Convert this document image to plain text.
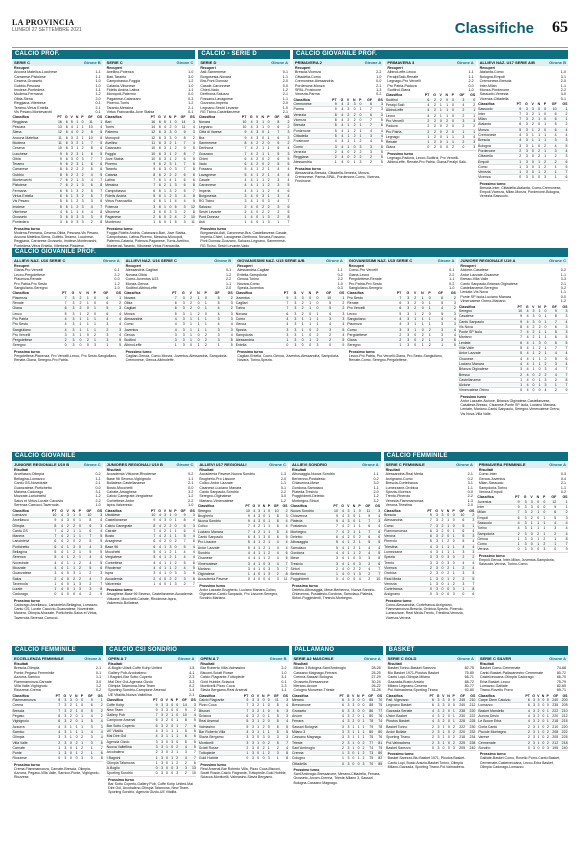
LA PROVINCIA
LUNEDÌ 27 SETTEMBRE 2021	Classifiche 65
CALCIO PROF.
SERIE C	Girone B
Recuperi
Ancona Matelica-Lucchese	1-1
Carrarese-Pistoiese	1-1
Cesena-Grosseto	1-0
Gubbio-Pescara	1-0
Imolese-Pontedera	1-1
Modena-Fermana	1-2
Olbia-Siena	2-0
Reggiana-Viterbese	0-1
Teramo-Virtus Entella	2-1
Vis Pesaro-Montevarchi	0-1
Classifica	PT	G	V	N	P	GF	GS
Reggiana	16	6	5	1	0	11	1
Pescara	13	6	4	1	1	10	4
Siena	12	6	4	0	2	8	5
Ancona Matelica	11	6	3	2	1	10	6
Modena	11	6	3	2	1	7	5
Cesena	10	6	3	1	2	8	6
Lucchese	9	6	2	3	1	6	5
Olbia	9	6	3	0	3	7	7
Teramo	9	6	2	3	1	6	6
Carrarese	8	6	2	2	2	5	6
Gubbio	8	6	2	2	2	4	5
Montevarchi	7	6	2	1	3	4	7
Pistoiese	7	6	2	1	3	6	8
Fermana	6	6	1	3	2	5	7
Virtus Entella	6	6	1	3	2	5	7
Vis Pesaro	5	6	1	2	3	3	6
Imolese	5	6	1	2	3	4	7
Viterbese	4	6	1	1	4	4	8
Grosseto	3	6	0	3	3	3	9
Pontedera	3	6	0	3	3	2	8
Prossimo turno
Modena-Fermana, Cesena-Olbia, Pescara-Vis Pesaro, Ancona Matelica-Siena, Gubbio-Teramo, Lucchese-Reggiana, Carrarese-Grosseto, Imolese-Montevarchi, Pontedera-Virtus Entella, Viterbese-Pistoiese.
SERIE C	Girone C
Recuperi
Avellino-Potenza	1-0
Bari-Taranto	3-0
Campobasso-Foggia	1-2
Catania-Vibonese	1-0
Fidelis Andria-Latina	1-1
Monopoli-Palermo	0-0
Paganese-Catanzaro	0-3
Picerno-Turris	1-2
Taranto-Messina	2-1
Virtus Francavilla-Juve Stabia	0-1
Classifica	PT	G	V	N	P	GF	GS
Bari	16	6	5	1	0	14	3
Turris	14	6	4	2	0	11	4
Palermo	12	6	3	3	0	9	3
Monopoli	12	6	3	3	0	8	2
Avellino	11	6	3	2	1	7	4
Catanzaro	10	6	3	1	2	9	5
Foggia	10	6	3	1	2	8	7
Juve Stabia	10	6	3	1	2	6	5
Picerno	9	6	2	3	1	7	6
Taranto	9	6	3	0	3	7	8
Catania	8	6	2	2	2	6	6
Latina	7	6	1	4	1	6	6
Messina	7	6	2	1	3	6	8
Campobasso	6	6	1	3	2	5	7
Fidelis Andria	5	6	1	2	3	4	8
Virtus Francavilla	4	6	1	1	4	4	9
Potenza	3	6	1	0	5	3	12
Vibonese	3	6	0	3	3	2	8
Paganese	2	6	0	2	4	2	10
Monterosi	1	6	0	1	5	3	11
Prossimo turno
Foggia-Fidelis Andria, Catanzaro-Bari, Juve Stabia-Campobasso, Latina-Picerno, Messina-Monopoli, Palermo-Catania, Potenza-Paganese, Turris-Avellino, Monterosi-Taranto, Vibonese-Virtus Francavilla.
CALCIO - SERIE D
SERIE D	Girone A
Recuperi
Asti-Sanremese	0-1
Borgosesia-Novara	1-1
Bra-Pont Donnaz	2-0
Casale-Caronnese	0-0
Chieri-Vado	1-2
Derthona-Saluzzo	2-1
Fossano-Lavagnese	1-1
Gozzano-Imperia	2-0
Legnano-Sestri Levante	1-0
RG Ticino-Castellanzese	2-1
Classifica	PT	G	V	N	P	GF	GS
Novara	10	4	3	1	0	8	2
Legnano	10	4	3	1	0	6	2
Città di Varese	9	4	3	0	1	7	3
Bra	9	4	3	0	1	6	3
Sanremese	8	4	2	2	0	5	2
Derthona	7	4	2	1	1	6	4
Gozzano	7	4	2	1	1	5	3
Chieri	6	4	2	0	2	6	5
Vado	6	4	2	0	2	5	5
Fossano	5	4	1	2	1	4	4
Lavagnese	5	4	1	2	1	4	4
Casale	4	4	1	1	2	3	4
Caronnese	4	4	1	1	2	3	5
Imperia	4	4	1	1	2	4	6
Borgosesia	3	4	0	3	1	3	4
RG Ticino	3	4	1	0	3	4	7
Saluzzo	2	4	0	2	2	3	6
Sestri Levante	2	4	0	2	2	2	5
Pont Donnaz	1	4	0	1	3	2	8
Asti	1	4	0	1	3	1	7
Prossimo turno
Borgosesia-Asti, Caronnese-Bra, Castellanzese-Casale, Imperia-Chieri, Lavagnese-Derthona, Novara-Fossano, Pont Donnaz-Gozzano, Saluzzo-Legnano, Sanremese-RG Ticino, Sestri Levante-Vado.
CALCIO GIOVANILE PROF.
PRIMAVERA 2	Girone A
Recuperi
Brescia-Vicenza	2-2
Cittadella-Como	1-0
Cremonese-Alessandria	0-0
Pordenone-Monza	2-1
SPAL-Frosinone	1-3
Venezia-Parma	0-2
Classifica	PT	G	V	N	P	GF	GS
Cremonese	9	4	2	3	0	6	3
Parma	9	4	3	0	1	7	3
Venezia	8	4	2	2	0	6	3
Vicenza	8	4	2	2	0	7	5
Brescia	5	4	1	2	1	7	6
Pordenone	5	4	1	2	1	4	4
Cittadella	5	4	1	2	1	3	4
Frosinone	4	4	1	1	2	4	5
Como	3	4	1	0	3	3	6
Venezia	2	4	0	2	2	3	5
Reggiana	2	4	0	2	2	2	5
Alessandria	1	4	0	1	3	2	5
Prossimo turno
Alessandria-Brescia, Cittadella-Venezia, Monza-Cremonese, Parma-SPAL, Pordenone-Como, Vicenza-Frosinone.
PRIMAVERA 3	Girone A
Recuperi
AlbinoLeffe-Lecco	1-1
FeralpiSalò-Renate	1-1
Legnago-Pro Vercelli	2-2
Pro Patria-Padova	0-0
Sudtirol-Giana	1-0
Classifica	PT	G	V	N	P	GF	GS
Sudtirol	6	2	2	0	0	3	0
Feralpi Salò	4	2	1	1	0	4	2
AlbinoLeffe	4	2	1	1	0	2	1
Lecco	4	2	1	1	0	2	1
Pro Vercelli	2	2	0	2	0	3	3
Padova	2	2	0	2	0	2	2
Pro Patria	2	2	0	2	0	1	1
Legnago	1	2	0	1	1	3	4
Renate	1	2	0	1	1	2	3
Giana	0	2	0	0	2	0	3
Prossimo turno
Legnago-Padova, Lecco-Sudtirol, Pro Vercelli-AlbinoLeffe, Renate-Pro Patria, Giana-Feralpi Salò.
ALLIEVI NAZ. U17 SERIE A/B	Girone B
Recuperi
Atalanta-Como	1-0
Bologna-Empoli	3-1
Cremonese-Brescia	2-0
Inter-Milan	1-1
Monza-Pordenone	2-2
Sassuolo-Venezia	4-0
Vicenza-Cittadella	0-1
Classifica	PT	G	V	N	P	GF	GS
Sassuolo	9	3	3	0	0	10	1
Inter	7	3	2	1	0	6	2
Milan	7	3	2	1	0	5	1
Atalanta	6	3	2	0	1	5	2
Monza	5	3	1	2	0	6	4
Cremonese	4	3	1	1	1	4	4
Brescia	4	3	1	1	1	3	3
Bologna	3	3	1	0	2	4	5
Pordenone	2	3	0	2	1	3	4
Cittadella	2	3	0	2	1	2	3
Empoli	1	3	0	1	2	2	6
Como	1	3	0	1	2	1	5
Venezia	1	3	0	1	2	1	7
Vicenza	0	3	0	0	3	1	6
Prossimo turno
Brescia-Inter, Cittadella-Atalanta, Como-Cremonese, Empoli-Vicenza, Milan-Monza, Pordenone-Bologna, Venezia-Sassuolo.
CALCIO GIOVANILE PROF.
ALLIEVI NAZ. U16 SERIE C	Girone A
Recuperi
Giana-Pro Vercelli	0-1
Lecco-Pergolettese	2-2
Piacenza-Renate	0-0
Pro Patria-Pro Sesto	1-2
Sangiuliano-Seregno	1-0
Classifica	PT	G	V	N	P	GF	GS
Piacenza	7	3	2	1	0	6	1
Renate	7	3	2	1	0	6	2
Giana	6	3	2	0	1	5	3
Lecco	5	3	1	2	0	6	4
Pro Patria	4	3	1	1	1	4	4
Pro Sesto	4	3	1	1	1	3	4
Sangiuliano	4	3	1	1	1	2	3
Pro Vercelli	3	3	1	0	2	3	4
Pergolettese	2	3	0	2	1	3	5
Seregno	0	3	0	0	3	1	5
Prossimo turno
Pergolettese-Piacenza, Pro Vercelli-Lecco, Pro Sesto-Sangiuliano, Renate-Giana, Seregno-Pro Patria.
ALLIEVI NAZ. U16 SERIE C	Girone B
Recuperi
Alessandria-Cagliari	0-1
Novara-Olbia	1-2
Como-Juventus U23	2-2
Monza-Genoa	1-1
Sudtirol-AlbinoLeffe	2-0
Classifica	PT	G	V	N	P	GF	GS
Novara	7	3	2	1	0	5	2
Olbia	6	3	2	0	1	5	3
Cagliari	6	3	2	0	1	4	2
Monza	5	3	1	2	0	4	3
Alessandria	4	3	1	1	1	3	3
Como	4	3	1	1	1	4	4
Juventus	4	3	1	1	1	3	3
Genoa	3	3	1	0	2	3	4
Sudtirol	3	3	1	0	2	3	5
AlbinoLeffe	1	3	0	1	2	1	5
Prossimo turno
Cagliari-Genoa, Como-Monza, Juventus-Alessandria, Sampdoria-Cremonese, Genoa-Albinoleffe.
GIOVANISSIMI NAZ. U15 SERIE A/B	Girone A
Recuperi
Alessandria-Cagliari	1-1
Entella-Sampdoria	0-2
Genoa-Torino	2-2
Novara-Como	1-0
Spezia-Juventus	0-3
Classifica	PT	G	V	N	P	GF	GS
Juventus	9	3	3	0	0	10	1
Cagliari	7	3	2	1	0	5	2
Torino	7	3	2	1	0	5	2
Novara	6	3	2	0	1	4	3
Como	4	3	1	1	1	3	3
Genoa	4	3	1	1	1	4	4
Spezia	3	3	1	0	2	3	5
Sampdoria	3	3	1	0	2	2	4
Alessandria	1	3	0	1	2	2	5
Entella	0	3	0	0	3	0	9
Prossimo turno
Cagliari-Entella, Como-Genoa, Juventus-Alessandria, Sampdoria-Novara, Torino-Spezia.
GIOVANISSIMI NAZ. U15 SERIE C	Girone A
Recuperi
Como-Pro Vercelli	0-1
Giana-Lecco	2-2
Pergolettese-Renate	1-1
Pro Patria-Pro Sesto	0-2
Sangiuliano-Seregno	1-0
Classifica	PT	G	V	N	P	GF	GS
Pro Sesto	7	3	2	1	0	6	2
Renate	6	3	2	0	1	5	3
Pro Vercelli	6	3	2	0	1	4	2
Lecco	5	3	1	2	0	5	3
Sangiuliano	4	3	1	1	1	4	4
Piacenza	4	3	1	1	1	3	3
Como	3	3	1	0	2	3	4
Pergolettese	2	3	0	2	1	3	4
Giana	2	3	0	2	1	3	5
Seregno	1	3	0	1	2	1	5
Prossimo turno
Lecco-Pro Patria, Pro Vercelli-Giana, Pro Sesto-Sangiuliano, Renate-Como, Seregno-Pergolettese.
JUNIORE REGIONALE U19 A	Girone C
Recuperi
Alcione-Casatese	0-2
Ardor Lazzate-Cisanese	1-1
Bresso-Villa Valle	3-3
Cantù Sanpaolo-Brianza Olginatese	2-1
Castellanzese-Seregno	0-2
Lentate-Vis Nova	1-1
Ponte SP Isola-Luciano Manara	0-0
Vimercatese Oreno-Mariano	1-2
Classifica	PT	G	V	N	P	GF	GS
Seregno	10	4	3	1	0	9	3
Casatese	9	4	3	0	1	8	3
Cantù Sanpaolo	9	4	3	0	1	7	4
Vis Nova	8	4	2	2	0	6	3
Ponte SP Isola	7	4	2	1	1	5	3
Mariano	7	4	2	1	1	6	5
Lentate	6	4	1	3	0	6	5
Villa Valle	5	4	1	2	1	7	7
Ardor Lazzate	5	4	1	2	1	4	4
Cisanese	4	4	1	1	2	5	6
Luciano Manara	4	4	1	1	2	3	4
Brianza Olginatese	3	4	1	0	3	4	7
Bresso	2	4	0	2	2	4	7
Castellanzese	1	4	0	1	3	2	8
Alcione	1	4	0	1	3	1	7
Vimercatese Oreno	0	4	0	0	4	2	9
Prossimo turno
Ardor Lazzate-Alcione, Brianza Olginatese-Castellanzese, Casatese-Bresso, Cisanese-Ponte SP Isola, Luciano Manara-Lentate, Mariano-Cantù Sanpaolo, Seregno-Vimercatese Oreno, Vis Nova-Villa Valle.
CALCIO GIOVANILE
JUNIORE REGIONALE U19 B	Girone C
Risultati
Arcellasco-Olimpia	0-2
Bellagina-Lomazzo	1-1
Cantù GS-Novedrate	2-1
Guanzatese-Portichetto	0-0
Manera-Cadorago	3-1
Mozzate-Lariointelvi	1-2
Salus et Virtus-Lurate Caccivio	2-2
Serenza Carrocci-Tavernola	1-0
Classifica	PT	G	V	N	P	GF	GS
Lomazzo	10	4	3	1	0	10	3
Arcellasco	9	4	3	0	1	8	4
Olimpia	8	4	2	2	0	6	3
Cantù GS	7	4	2	1	1	6	4
Manera	7	4	2	1	1	7	5
Lariointelvi	6	4	2	0	2	5	5
Portichetto	6	4	1	3	0	4	3
Bellagina	5	4	1	2	1	5	5
Serenza	5	4	1	2	1	4	4
Novedrate	4	4	1	1	2	4	5
Mozzate	4	4	1	1	2	5	6
Guanzatese	3	4	0	3	1	2	3
Salus	2	4	0	2	2	4	7
Tavernola	1	4	0	1	3	2	7
Lurate	1	4	0	1	3	3	8
Cadorago	0	4	0	0	4	2	9
Prossimo turno
Cadorago-Arcellasco, Lariointelvi-Bellagina, Lomazzo-Cantù GS, Lurate Caccivio-Guanzatese, Novedrate-Manera, Olimpia-Mozzate, Portichetto-Salus et Virtus, Tavernola-Serenza Carrocci.
JUNIORES REGIONALI U19 B	Girone C
Risultati
Accademia Vittuone-Rhodense	0-2
Base 96 Seveso-Vighignolo	1-1
Bollatese-Castellanzese	2-1
Bosto-Mocchetti	0-0
Cairate-Arsaghese	3-2
Calcio Canegrate-Vergiatese	1-2
Corbettese-Ardor	2-2
Ispra-Valceresio	1-0
Classifica	PT	G	V	N	P	GF	GS
Uboldese	10	4	3	1	0	9	3
Castellanzese	9	4	3	0	1	8	4
Calcio Canegrate	8	4	2	2	0	6	3
Cairate	7	4	2	1	1	6	4
Bosto	7	4	2	1	1	5	4
Arsaghese	6	4	2	0	2	7	6
Base 96	6	4	1	3	0	5	4
Mocchetti	5	4	1	2	1	4	4
Vergiatese	5	4	1	2	1	4	4
Corbettese	4	4	1	1	2	5	6
Rhodense	4	4	1	1	2	4	5
Ispra	3	4	1	0	3	3	6
Accademia	2	4	0	2	2	3	6
Valceresio	1	4	0	1	3	2	7
Prossimo turno
Arsaghese-Base 96 Seveso, Castellanzese-Accademia Vittuone, Mocchetti-Cairate, Rhodense-Ispra, Valceresio-Bollatese.
ALLIEVI U17 REGIONALI	Girone C
Risultati
Accademia Pavese-Nuova Sondrio	1-3
Brugherio-Pro Lissone	2-0
Colico-Ardor Lazzate	1-1
Cisanese-Luciano Manara	0-1
Cantù Sanpaolo-Sondrio	2-2
Seregno-Olginatese	3-0
Mariano-Vimercatese	1-2
Classifica	PT	G	V	N	P	GF	GS
Seregno	10	4	3	1	0	10	2
Brugherio	9	4	3	0	1	8	3
Nuova Sondrio	9	4	3	0	1	8	4
Colico	7	4	2	1	1	6	4
Luciano Manara	7	4	2	1	1	5	4
Cantù Sanpaolo	6	4	1	3	0	6	5
Pro Lissone	5	4	1	2	1	4	4
Ardor Lazzate	5	4	1	2	1	4	4
Sondrio	4	4	1	1	2	4	6
Cisanese	4	4	1	1	2	4	5
Vimercatese	3	4	1	0	3	4	7
Mariano	3	4	1	0	3	3	7
Olginatese	1	4	0	1	3	2	8
Accademia Pavese	0	4	0	0	4	3	11
Prossimo turno
Ardor Lazzate-Brugherio, Luciano Manara-Colico, Olginatese-Cantù Sanpaolo, Pro Lissone-Seregno, Sondrio-Mariano.
ALLIEVI SONDRIO	Girone A
Risultati
Albosaggia-Nuova Sondrio	1-1
Berbenno-Postalesio	0-2
Chiavenna-Mese	3-0
Gordona-Samolaco	1-1
Piateda-Tresivio	2-0
Poggiridenti-Delebio	1-2
Morbegno-Sirtori	3-2
Classifica	PT	G	V	N	P	GF	GS
Nuova Sondrio	10	4	3	1	0	11	3
Chiavenna	9	4	3	0	1	9	4
Piateda	9	4	3	0	1	7	3
Postalesio	7	4	2	1	1	6	4
Morbegno	7	4	2	1	1	7	6
Delebio	6	4	2	0	2	6	6
Albosaggia	5	4	1	2	1	5	5
Samolaco	5	4	1	2	1	4	4
Gordona	4	4	1	1	2	4	5
Mese	3	4	1	0	3	3	8
Tresivio	3	4	1	0	3	2	6
Sirtori	2	4	0	2	2	4	7
Berbenno	1	4	0	1	3	2	7
Poggiridenti	0	4	0	0	4	2	10
Prossimo turno
Delebio-Albosaggia, Mese-Berbenno, Nuova Sondrio-Chiavenna, Postalesio-Gordona, Samolaco-Piateda, Sirtori-Poggiridenti, Tresivio-Morbegno.
CALCIO FEMMINILE
SERIE C FEMMINILE	Girone A
Risultati
Alessandria-Real Meda	2-1
Arzignano-Como	0-2
Brescia-Cortefranca	3-1
Lumezzane-Orobica	1-1
Spezia-Vicenza	0-0
Trento-Pinerolo	2-2
Venezia-Fiammamonza	1-3
Verona-Triestina	2-0
Classifica	PT	G	V	N	P	GF	GS
Brescia	9	3	3	0	0	10	2
Alessandria	7	3	2	1	0	6	3
Como	7	3	2	1	0	5	1
Fiammamonza	6	3	2	0	1	6	4
Verona	6	3	2	0	1	5	3
Pinerolo	5	3	1	2	0	5	4
Triestina	4	3	1	1	1	4	4
Lumezzane	4	3	1	1	1	3	3
Spezia	3	3	0	3	0	2	2
Trento	3	3	0	3	0	4	4
Vicenza	2	3	0	2	1	2	4
Orobica	2	3	0	2	1	3	5
Real Meda	1	3	0	1	2	2	5
Venezia	1	3	0	1	2	3	7
Cortefranca	0	3	0	0	3	1	8
Arzignano	0	3	0	0	3	0	6
Prossimo turno
Como-Alessandria, Cortefranca-Arzignano, Fiammamonza-Brescia, Orobica-Spezia, Pinerolo-Lumezzane, Real Meda-Trento, Triestina-Venezia, Vicenza-Verona.
PRIMAVERA FEMMINILE	Girone A
Risultati
Como-Inter	0-3
Genoa-Juventus	0-4
Milan-Sassuolo	2-1
Sampdoria-Torino	1-1
Verona-Empoli	0-2
Classifica	PT	G	V	N	P	GF	GS
Juventus	9	3	3	0	0	12	1
Inter	9	3	3	0	0	9	1
Milan	7	3	2	1	0	6	2
Empoli	6	3	2	0	1	5	3
Sassuolo	4	3	1	1	1	4	4
Torino	4	3	1	1	1	3	4
Sampdoria	2	3	0	2	1	2	4
Genoa	1	3	0	1	2	1	8
Como	1	3	0	1	2	1	7
Verona	0	3	0	0	3	0	9
Prossimo turno
Empoli-Genoa, Inter-Milan, Juventus-Sampdoria, Sassuolo-Verona, Torino-Como.
CALCIO FEMMINILE
ECCELLENZA FEMMINILE	Girone A
Risultati
Brescia-Olimpia	2-1
Ponte-Pegaso Femminile	0-1
Azzurra-Sarnico	1-1
Fiammamonza-Carnate	3-0
Villa Valle-Vighignolo	1-2
Riozzese-Crema	0-2
Classifica	PT	G	V	N	P	GF	GS
Fiammamonza	9	3	3	0	0	9	1
Crema	7	3	2	1	0	6	2
Brescia	7	3	2	1	0	5	2
Pegaso	6	3	2	0	1	4	2
Vighignolo	6	3	2	0	1	5	4
Azzurra	4	3	1	1	1	3	3
Sarnico	4	3	1	1	1	4	4
Olimpia	3	3	1	0	2	3	4
Villa Valle	2	3	0	2	1	3	5
Carnate	1	3	0	1	2	1	7
Ponte	1	3	0	1	2	1	6
Riozzese	0	3	0	0	3	0	8
Prossimo turno
Crema-Fiammamonza, Carnate-Brescia, Olimpia-Azzurra, Pegaso-Villa Valle, Sarnico-Ponte, Vighignolo-Riozzese.
CALCIO CSI SONDRIO
OPEN A 7	Girone A
Risultati
A.Boglio Ulisdi-Coffe Kohp United	1-5
Gallery Pub-Arcobaleno	4-1
I Bagnini-Bar Sotto Coperto	2-3
Mai Dire Gol-Agenzia Gizdo	3-3
Olimpia Talamona-New Team	0-2
Sporting Sondrio-Campione Arsenal	1-4
UE Vitalità-Nuova Valtellina	2-1
Classifica	PT	G	V	N	P	GF	GS
Coffe Kohp	9	3	3	0	0	14	3
New Team	9	3	3	0	0	9	2
Gallery Pub	7	3	2	1	0	10	4
Campione Arsenal	6	3	2	0	1	8	5
Bar Sotto Coperto	6	3	2	0	1	7	6
UE Vitalità	4	3	1	1	1	5	5
Mai Dire Gol	4	3	1	1	1	6	6
Agenzia Gizdo	3	3	0	3	0	5	5
Nuova Valtellina	3	3	1	0	2	4	5
Arcobaleno	2	3	0	2	1	3	7
I Bagnini	1	3	0	1	2	4	7
Olimpia Talamona	1	3	0	1	2	2	6
A.Boglio	0	3	0	0	3	3	13
Sporting Sondrio	0	3	0	0	3	2	10
Prossimo turno
Bar Sotto Coperto-Gallery Pub, Coffe Kohp United-Mai Dire Gol, Arcobaleno-Olimpia Talamona, New Team-Sporting Sondrio, Agenzia Gizdo-UE Vitalità.
OPEN A 7	Girone B
Risultati
Bar Roberto Villa-Valmasino	2-2
Bisconi-Sciatt Rosse	1-0
Calcio Flagrante-Tuttopiede	3-1
Gold Hubble-Sciacca	0-1
Monticelli-Pizzo Coca	2-3
Slavia Bergamo-Real Arsenal	1-1
Classifica	PT	G	V	N	P	GF	GS
Calcio Flagrante	9	3	3	0	0	11	3
Pizzo Coca	7	3	2	1	0	8	4
Bisconi	7	3	2	1	0	6	3
Sciacca	6	3	2	0	1	5	3
Real Arsenal	5	3	1	2	0	5	4
Valmasino	5	3	1	2	0	6	5
Bar Roberto Villa	4	3	1	1	1	5	5
Slavia Bergamo	3	3	0	3	0	3	3
Monticelli	3	3	1	0	2	5	7
Sciatt Rosse	2	3	0	2	1	2	4
Tuttopiede	1	3	0	1	2	3	8
Gold Hubble	0	3	0	0	3	1	8
Prossimo turno
Real Arsenal-Bar Roberto Villa, Pizzo Coca-Bisconi, Sciatt Rosse-Calcio Flagrante, Tuttopiede-Gold Hubble, Sciacca-Monticelli, Valmasino-Slavia Bergamo.
PALLAMANO
SERIE A2 MASCHILE	Girone A
Risultati
Milano 3 Bologna-Sant'Ambrogio	28-26
Cassano Magnago-Ferrara	25-25
Crenna-Sassari Bologna	27-29
Grosseto-Bressanone	30-24
Merano-Arcom	26-22
Cologno Monzese-Trieste	31-28
Classifica	PT	G	V	N	P	GF	GS
Merano	6	3	3	0	0	85	70
Bressanone	6	3	3	0	0	88	75
Grosseto	6	3	3	0	0	86	77
Arcom	4	3	2	0	1	80	76
Ferrara	4	3	2	0	1	78	74
Sassari Bologna	3	3	1	1	1	79	78
Milano 3	3	3	1	1	1	80	80
Cassano Magnago	3	3	1	1	1	75	76
Trieste	2	3	1	0	2	77	81
Sant'Ambrogio	2	3	1	0	2	74	79
Crenna	1	3	0	1	2	73	80
Cologno	1	3	0	1	2	75	82
Cittadella	0	3	0	0	3	70	85
Prossimo turno
Sant'Ambrogio-Bressanone, Merano-Cittadella, Ferrara-Grosseto, Arcom-Crenna, Trieste-Milano 3, Sassari Bologna-Cassano Magnago.
BASKET
SERIE C GOLD	Girone A
Risultati
Basket Torino-Basket Sarezzo	82-75
Blu Basket 1971-Ploutos Basket	75-80
Cantù Lupi-Olimpia Milano	66-71
Gazzada-Busto Arsizio	88-72
Milano Legnano-Cesena	80-77
Pol.Valmadrera-Sporting Tirano	92-80
Classifica	PT	G	V	N	P	GF	GS
Pall. Vigevano	6	3	3	0	0	245	210
Legnano Basket	6	3	3	0	0	240	212
Gazzada Seriate	4	3	2	0	1	238	220
Union Basket	4	3	2	0	1	230	222
Ploutos Basket	4	3	2	0	1	228	225
Basket Torino	2	3	1	0	2	222	230
Ardor Bollate	2	3	1	0	2	220	232
Sporting Tirano	2	3	1	0	2	218	234
Pol.Valmadrera	2	3	1	0	2	225	228
Basket Sarezzo	0	3	0	0	3	205	240
Prossimo turno
Basket Sarezzo-Blu Basket 1971, Ploutos Basket-Cantù Lupi, Busto Arsizio-Basket Torino, Olimpia Milano-Gazzada, Sporting Tirano-Pol.Valmadrera.
SERIE C SILVER	Girone A
Risultati
Basket Como-Cermenate	74-68
Cantù Basket-Pallacanestro Cermenate	80-72
Castelveccana-Olimpia Cadorago	66-70
Erba Basket-Lecco	75-79
Lomazzo-Galliate	82-65
Tirano-Rovello Porro	69-71
Classifica	PT	G	V	N	P	GF	GS
Carpe Diem Calolzio	6	3	3	0	0	240	200
Lomazzo	6	3	3	0	0	235	205
Basket Mandello	4	3	2	0	1	222	210
Aurora Desio	4	3	2	0	1	220	212
Le Bocce Erba	4	3	2	0	1	218	215
Gorla Cantù	2	3	1	0	2	210	220
Piccole Morbegno	2	3	1	0	2	208	222
Varese	2	3	1	0	2	205	225
Cermenate	2	3	1	0	2	212	218
Sondrio	0	3	0	0	3	195	240
Prossimo turno
Galliate-Basket Como, Rovello Porro-Cantù Basket, Cermenate-Castelveccana, Lecco-Erba Basket, Olimpia Cadorago-Lomazzo.
